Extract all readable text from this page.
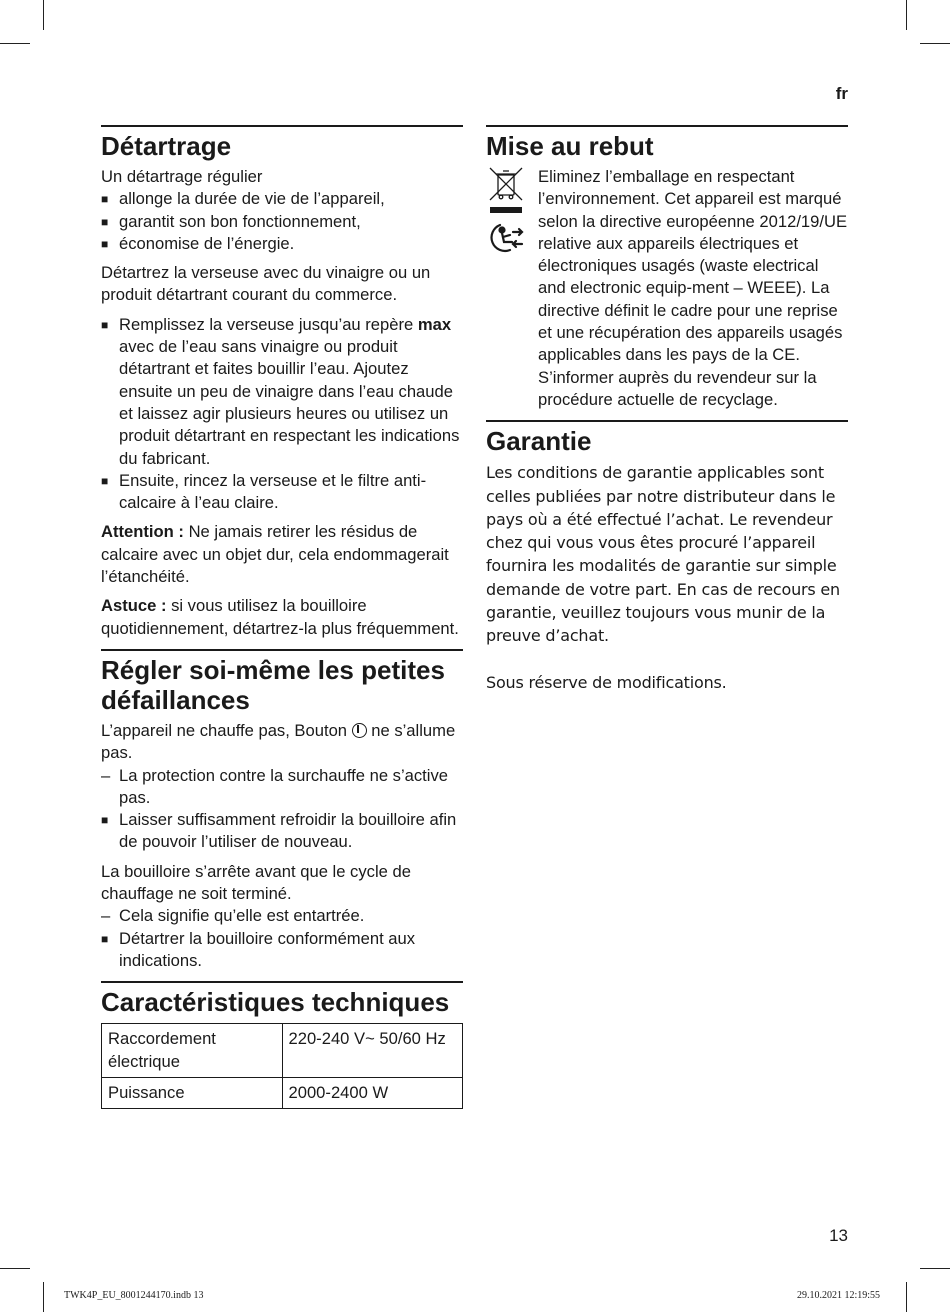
fr
Détartrage
Un détartrage régulier
■ allonge la durée de vie de l’appareil,
■ garantit son bon fonctionnement,
■ économise de l’énergie.

Détartrez la verseuse avec du vinaigre ou un produit détartrant courant du commerce.

■ Remplissez la verseuse jusqu’au repère max avec de l’eau sans vinaigre ou produit détartrant et faites bouillir l’eau. Ajoutez ensuite un peu de vinaigre dans l’eau chaude et laissez agir plusieurs heures ou utilisez un produit détartrant en respectant les indications du fabricant.
■ Ensuite, rincez la verseuse et le filtre anti-calcaire à l’eau claire.

Attention : Ne jamais retirer les résidus de calcaire avec un objet dur, cela endommagerait l’étanchéité.

Astuce : si vous utilisez la bouilloire quotidiennement, détartrez-la plus fréquemment.

Régler soi-même les petites défaillances
L’appareil ne chauffe pas, Bouton  ne s’allume pas.
– La protection contre la surchauffe ne s’active pas.
■ Laisser suffisamment refroidir la bouilloire afin de pouvoir l’utiliser de nouveau.
La bouilloire s’arrête avant que le cycle de chauffage ne soit terminé.
– Cela signifie qu’elle est entartrée.
■ Détartrer la bouilloire conformément aux indications.
Caractéristiques techniques
Raccordement électrique	220-240 V~ 50/60 Hz
Puissance	2000-2400 W
Mise au rebut
Eliminez l’emballage en respectant l’environnement. Cet appareil est marqué selon la directive européenne 2012/19/UE relative aux appareils électriques et électroniques usagés (waste electrical and electronic equip-ment – WEEE). La directive définit le cadre pour une reprise et une récupération des appareils usagés applicables dans les pays de la CE. S’informer auprès du revendeur sur la procédure actuelle de recyclage.
Garantie
Les conditions de garantie applicables sont celles publiées par notre distributeur dans le pays où a été effectué l’achat. Le revendeur chez qui vous vous êtes procuré l’appareil fournira les modalités de garantie sur simple demande de votre part. En cas de recours en garantie, veuillez toujours vous munir de la preuve d’achat.
Sous réserve de modifications.
13
TWK4P_EU_8001244170.indb 13	29.10.2021 12:19:55
